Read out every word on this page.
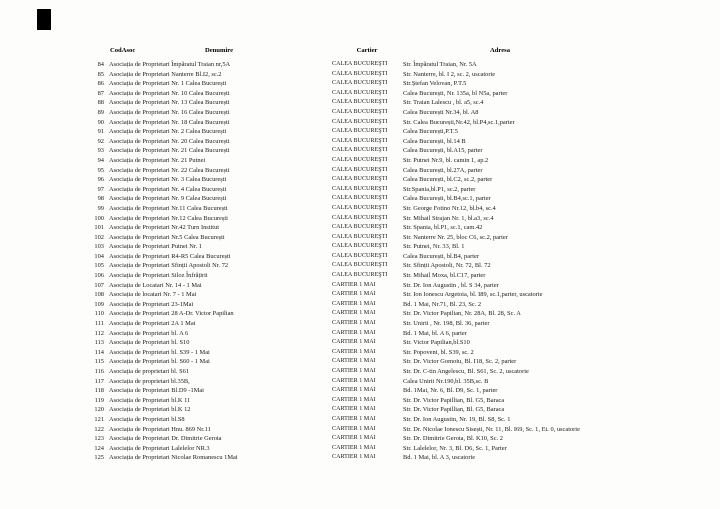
CodAsoc	Denumire	Cartier	Adresa
84	Asociația de Proprietari Împăratul Traian nr,5A	CALEA BUCUREŞTI	Str. Împăratul Traian, Nr. 5A
85	Asociația de Proprietari Nanterre Bl.I2, sc.2	CALEA BUCUREŞTI	Str. Nanterre, bl. I 2, sc. 2, uscatorie
86	Asociația de Proprietari Nr. 1 Calea București	CALEA BUCUREŞTI	Str.Ștefan Velovan, P.T.5
87	Asociația de Proprietari Nr. 10 Calea București	CALEA BUCUREŞTI	Calea București, Nr. 135a, bl N5a, parter
88	Asociația de Proprietari Nr. 13 Calea București	CALEA BUCUREŞTI	Str. Traian Lalescu , bl. a5, sc.4
89	Asociația de Proprietari Nr. 16 Calea București	CALEA BUCUREŞTI	Calea București Nr.34, bl. A8
90	Asociația de Proprietari Nr. 18 Calea București	CALEA BUCUREŞTI	Str. Calea București,Nr.42, bl.P4,sc.1,parter
91	Asociația de Proprietari Nr. 2 Calea București	CALEA BUCUREŞTI	Calea București,P.T.5
92	Asociația de Proprietari Nr. 20 Calea București	CALEA BUCUREŞTI	Calea București, bl.14 B
93	Asociația de Proprietari Nr. 21 Calea București	CALEA BUCUREŞTI	Calea București, bl.A15, parter
94	Asociația de Proprietari Nr. 21 Putnei	CALEA BUCUREŞTI	Str. Putnei Nr.9, bl. camin 1, ap.2
95	Asociația de Proprietari Nr. 22 Calea București	CALEA BUCUREŞTI	Calea București, bl.27A, parter
96	Asociația de Proprietari Nr. 3 Calea București	CALEA BUCUREŞTI	Calea București, bl.C2, sc.2, parter
97	Asociația de Proprietari Nr. 4 Calea București	CALEA BUCUREŞTI	Str.Spania,bl.P1, sc.2, parter
98	Asociația de Proprietari Nr. 9 Calea București	CALEA BUCUREŞTI	Calea București, bl.B4,sc.1, parter
99	Asociația de Proprietari Nr.11 Calea București	CALEA BUCUREŞTI	Str. George Fotino Nr.12, bl.b4, sc.4
100	Asociația de Proprietari Nr.12 Calea București	CALEA BUCUREŞTI	Str. Mihail Strajan Nr. 1, bl.a3, sc.4
101	Asociația de Proprietari Nr.42 Turn Institut	CALEA BUCUREŞTI	Str. Spania, bl.P1, sc.1, cam.42
102	Asociația de Proprietari Nr.5 Calea București	CALEA BUCUREŞTI	Str. Nanterre Nr. 25, bloc C6, sc.2, parter
103	Asociația de Proprietari Putnei Nr. 1	CALEA BUCUREŞTI	Str. Putnei, Nr. 33, Bl. 1
104	Asociația de Proprietari R4-R5 Calea București	CALEA BUCUREŞTI	Calea București, bl.B4, parter
105	Asociația de Proprietari Sfinții Apostoli Nr. 72	CALEA BUCUREŞTI	Str. Sfinții Apostoli, Nr. 72, Bl. 72
106	Asociația de Proprietari Siloz Înfrățirii	CALEA BUCUREŞTI	Str. Mihail Moxa, bl.C17, parter
107	Asociația de Locatari Nr. 14 - 1 Mai	CARTIER 1 MAI	Str. Dr. Ion Augustin , bl. S 34, parter
108	Asociația de locatari Nr. 7 - 1 Mai	CARTIER 1 MAI	Str. Ion Ionescu Argetoia, bl. I89, sc.1,parter, uscatorie
109	Asociația de Proprietari 23-1Mai	CARTIER 1 MAI	Bd. 1 Mai, Nr.71, Bl. 23, Sc. 2
110	Asociația de Proprietari 28 A-Dr. Victor Papilian	CARTIER 1 MAI	Str. Dr. Victor Papilian, Nr. 28A, Bl. 28, Sc. A
111	Asociația de Proprietari 2A 1 Mai	CARTIER 1 MAI	Str. Unirii , Nr. 198, Bl. 36, parter
112	Asociația de Proprietari bl. A 6	CARTIER 1 MAI	Bd. 1 Mai, bl. A 6, parter
113	Asociația de Proprietari bl. S10	CARTIER 1 MAI	Str. Victor Papilian,bl.S10
114	Asociația de Proprietari bl. S39 - 1 Mai	CARTIER 1 MAI	Str. Popoveni, bl. S39, sc. 2
115	Asociația de Proprietari bl. S60 - 1 Mai	CARTIER 1 MAI	Str. Dr. Victor Gomoiu, Bl. I18, Sc. 2, parter
116	Asociația de proprietari bl. S61	CARTIER 1 MAI	Str. Dr. C-tin Angelescu, Bl. S61, Sc. 2, uscatorie
117	Asociația de proprietari bl.35B,	CARTIER 1 MAI	Calea Unirii Nr.190,bl. 35B,sc. B
118	Asociația de Proprietari Bl.D9 -1Mai	CARTIER 1 MAI	Bd. 1Mai, Nr. 6, Bl. D9, Sc. 1, parter
119	Asociația de Proprietari bl.K 11	CARTIER 1 MAI	Str. Dr. Victor Papillian, Bl. G5, Baraca
120	Asociația de Proprietari bl.K 12	CARTIER 1 MAI	Str. Dr. Victor Papillian, Bl. G5, Baraca
121	Asociația de Proprietari bl.S8	CARTIER 1 MAI	Str. Dr. Ion Augustin, Nr. 19, Bl. S8, Sc. 1
122	Asociația de Proprietari Hnu. 869 Nr.11	CARTIER 1 MAI	Str. Dr. Nicolae Ionescu Sisești, Nr. 11, Bl. I69, Sc. 1, Et. 0, uscatorie
123	Asociația de Proprietari Dr. Dimitrie Gerota	CARTIER 1 MAI	Str. Dr. Dimitrie Gerota, Bl. K10, Sc. 2
124	Asociația de Proprietari Lalelelor NR.3	CARTIER 1 MAI	Str. Lalelelor, Nr. 3, Bl. D6, Sc. 1, Parter
125	Asociația de Proprietari Nicolae Romanescu 1Mai	CARTIER 1 MAI	Bd. 1 Mai, bl. A 3, uscatorie
